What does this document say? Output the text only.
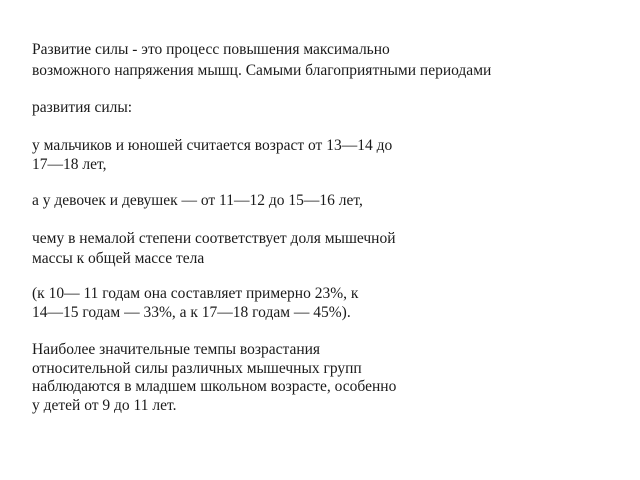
Развитие силы - это процесс повышения максимально
возможного напряжения мышц. Самыми благоприятными периодами
развития силы:
у мальчиков и юношей считается возраст от 13—14 до
17—18 лет,
а у девочек и девушек — от 11—12 до 15—16 лет,
чему в немалой степени соответствует доля мышечной
массы к общей массе тела
(к 10— 11 годам она составляет примерно 23%, к
14—15 годам — 33%, а к 17—18 годам — 45%).
Наиболее значительные темпы возрастания
относительной силы различных мышечных групп
наблюдаются в младшем школьном возрасте, особенно
у детей от 9 до 11 лет.
